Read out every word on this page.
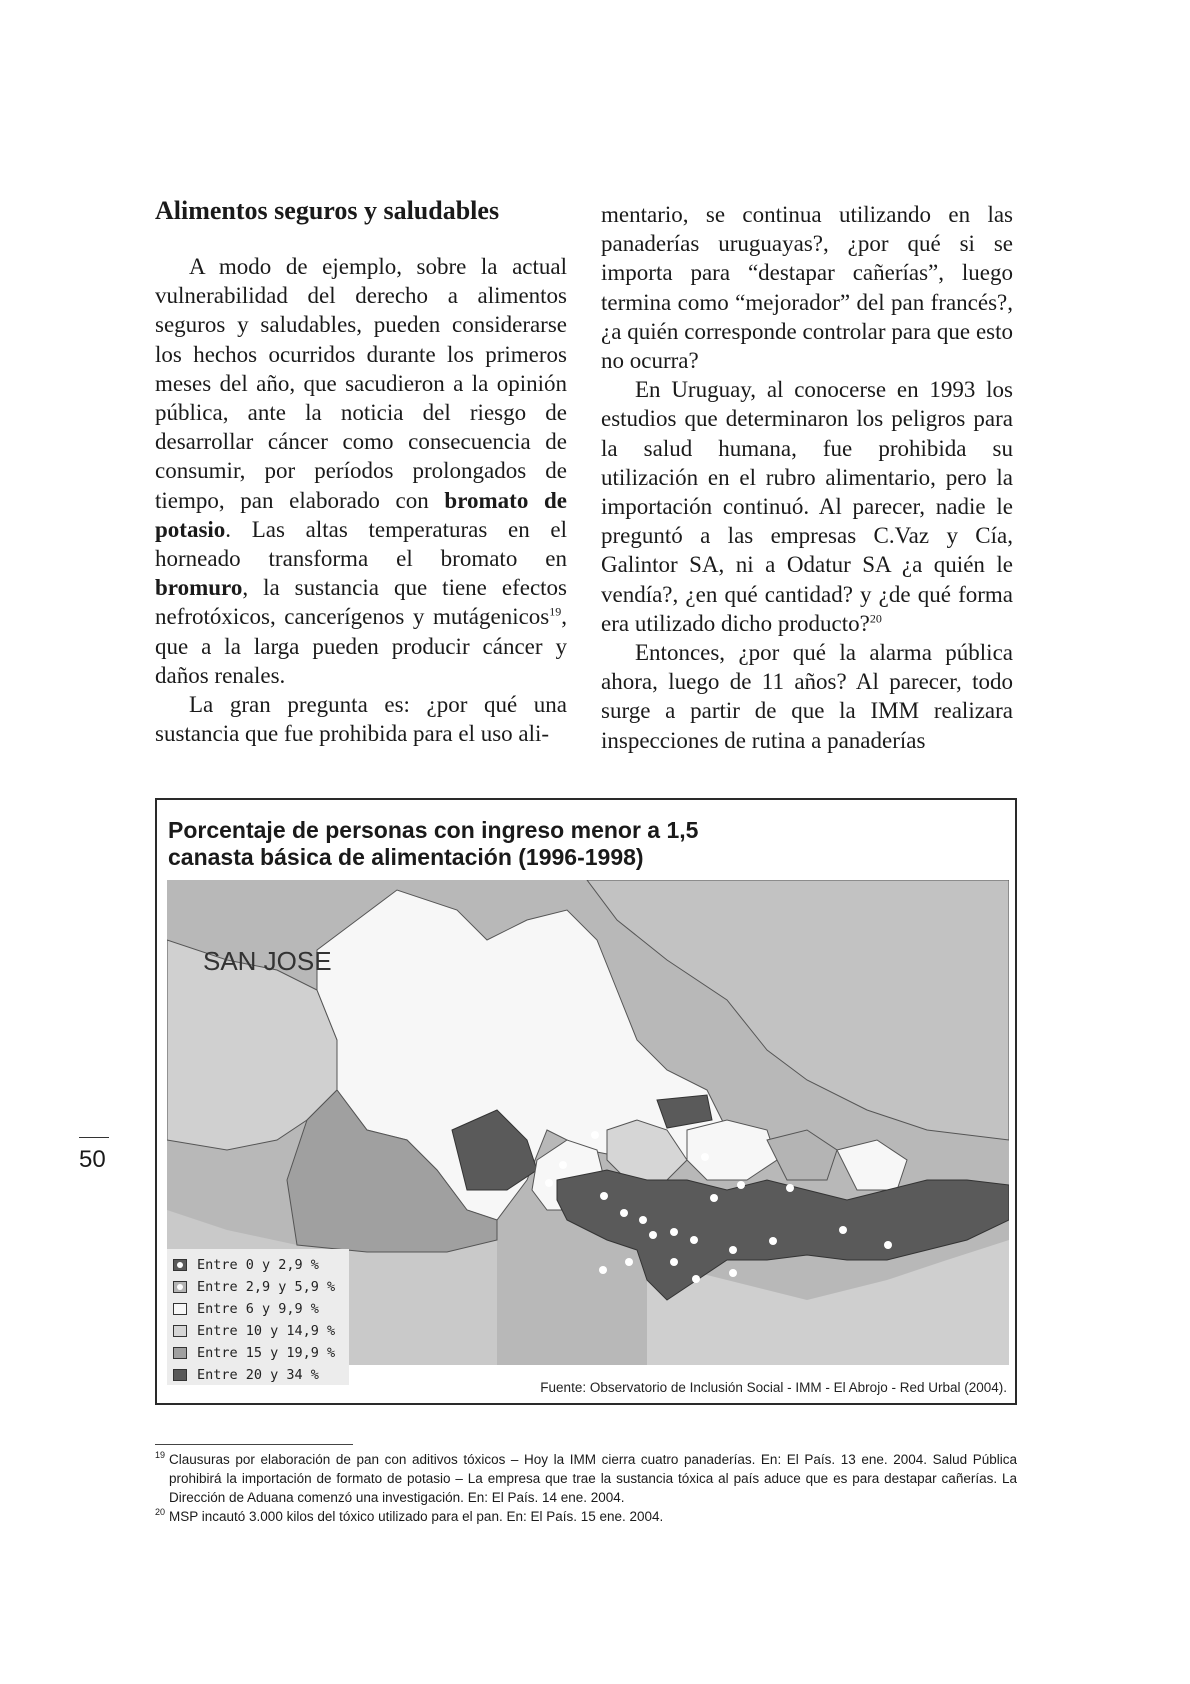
Alimentos seguros y saludables

A modo de ejemplo, sobre la actual vulnerabilidad del derecho a alimentos seguros y saludables, pueden considerarse los hechos ocurridos durante los primeros meses del año, que sacudieron a la opinión pública, ante la noticia del riesgo de desarrollar cáncer como consecuencia de consumir, por períodos prolongados de tiempo, pan elaborado con bromato de potasio. Las altas temperaturas en el horneado transforma el bromato en bromuro, la sustancia que tiene efectos nefrotóxicos, cancerígenos y mutágenicos$^{19}$, que a la larga pueden producir cáncer y daños renales.

La gran pregunta es: ¿por qué una sustancia que fue prohibida para el uso ali-

mentario, se continua utilizando en las panaderías uruguayas?, ¿por qué si se importa para “destapar cañerías”, luego termina como “mejorador” del pan francés?, ¿a quién corresponde controlar para que esto no ocurra?

En Uruguay, al conocerse en 1993 los estudios que determinaron los peligros para la salud humana, fue prohibida su utilización en el rubro alimentario, pero la importación continuó. Al parecer, nadie le preguntó a las empresas C.Vaz y Cía, Galintor SA, ni a Odatur SA ¿a quién le vendía?, ¿en qué cantidad? y ¿de qué forma era utilizado dicho producto?$^{20}$

Entonces, ¿por qué la alarma pública ahora, luego de 11 años? Al parecer, todo surge a partir de que la IMM realizara inspecciones de rutina a panaderías

50
Porcentaje de personas con ingreso menor a 1,5
canasta básica de alimentación (1996-1998)
SAN JOSE
Entre 0 y 2,9 %
Entre 2,9 y 5,9 %
Entre 6 y 9,9 %
Entre 10 y 14,9 %
Entre 15 y 19,9 %
Entre 20 y 34 %
Fuente: Observatorio de Inclusión Social - IMM - El Abrojo - Red Urbal (2004).
19 Clausuras por elaboración de pan con aditivos tóxicos – Hoy la IMM cierra cuatro panaderías. En: El País. 13 ene. 2004. Salud Pública prohibirá la importación de formato de potasio – La empresa que trae la sustancia tóxica al país aduce que es para destapar cañerías. La Dirección de Aduana comenzó una investigación. En: El País. 14 ene. 2004.
20 MSP incautó 3.000 kilos del tóxico utilizado para el pan. En: El País. 15 ene. 2004.
